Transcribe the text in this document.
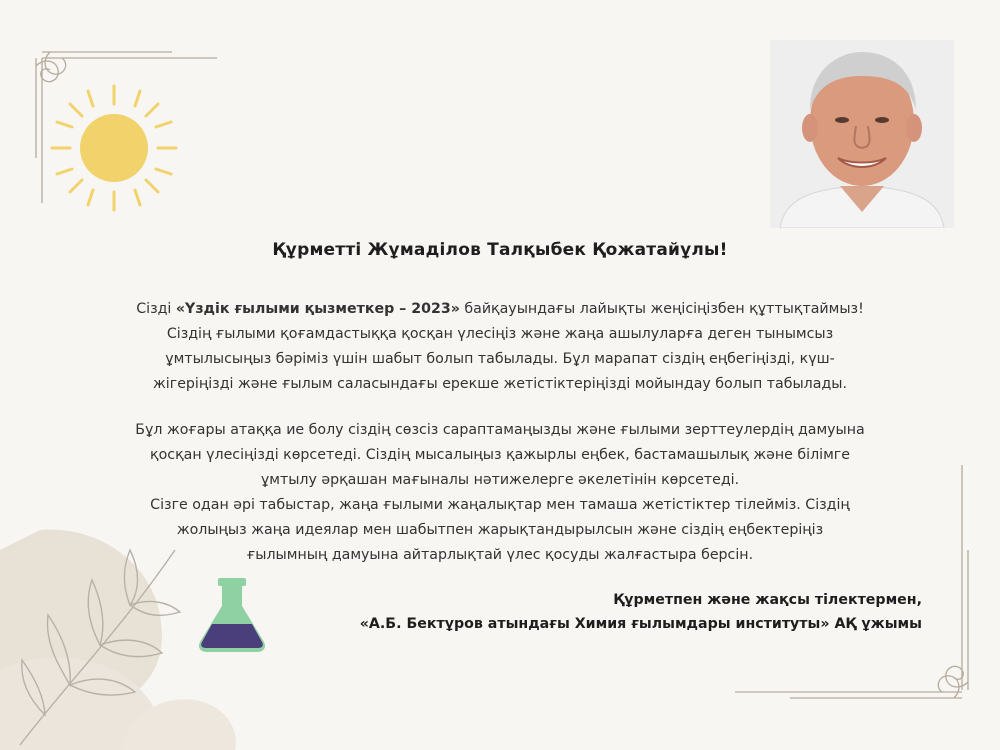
Құрметті Жұмаділов Талқыбек Қожатайұлы!
Сізді «Үздік ғылыми қызметкер – 2023» байқауындағы лайықты жеңісіңізбен құттықтаймыз!
Сіздің ғылыми қоғамдастыққа қосқан үлесіңіз және жаңа ашылуларға деген тынымсыз
ұмтылысыңыз бәріміз үшін шабыт болып табылады. Бұл марапат сіздің еңбегіңізді, күш-
жігеріңізді және ғылым саласындағы ерекше жетістіктеріңізді мойындау болып табылады.
Бұл жоғары атаққа ие болу сіздің сөзсіз сараптамаңызды және ғылыми зерттеулердің дамуына
қосқан үлесіңізді көрсетеді. Сіздің мысалыңыз қажырлы еңбек, бастамашылық және білімге
ұмтылу әрқашан мағыналы нәтижелерге әкелетінін көрсетеді.
Сізге одан әрі табыстар, жаңа ғылыми жаңалықтар мен тамаша жетістіктер тілейміз. Сіздің
жолыңыз жаңа идеялар мен шабытпен жарықтандырылсын және сіздің еңбектеріңіз
ғылымның дамуына айтарлықтай үлес қосуды жалғастыра берсін.
Құрметпен және жақсы тілектермен,
«А.Б. Бектұров атындағы Химия ғылымдары институты» АҚ ұжымы
